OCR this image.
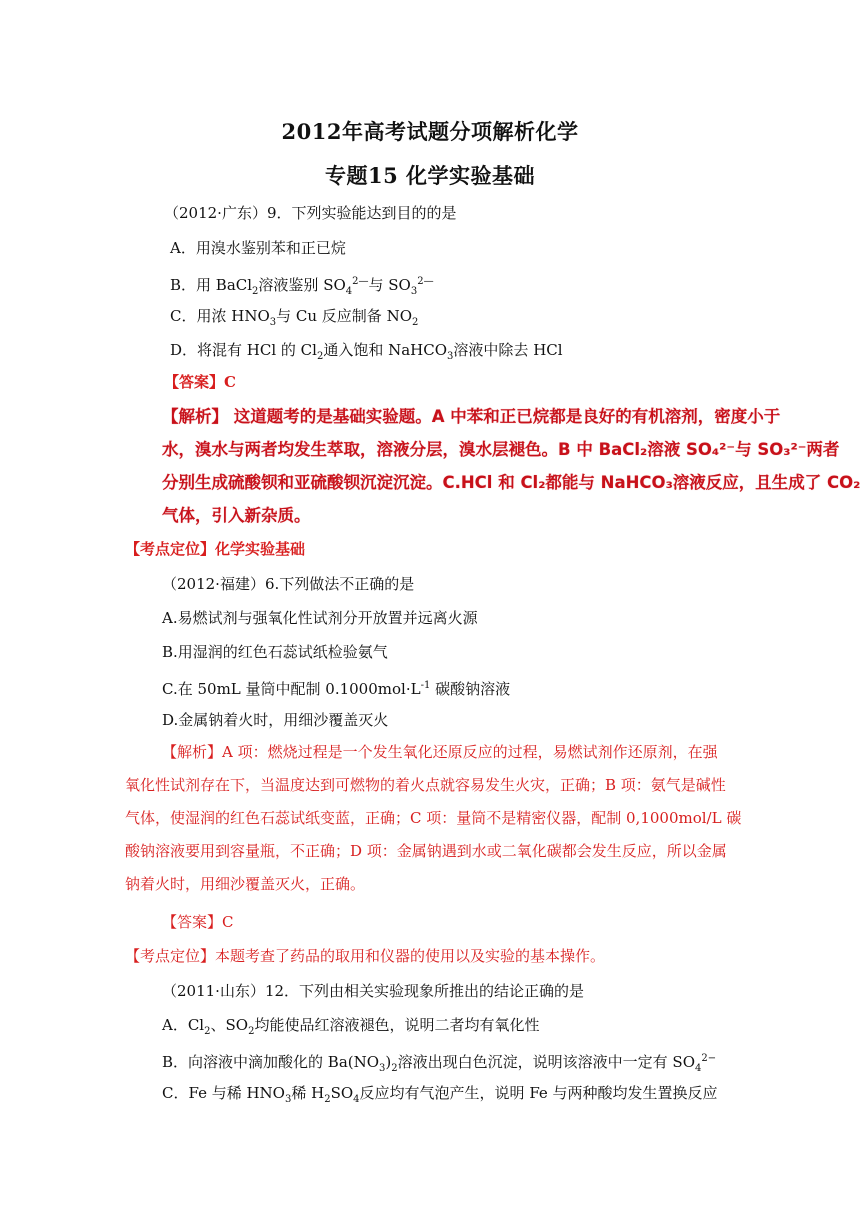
2012年高考试题分项解析化学
专题15 化学实验基础
（2012·广东）9．下列实验能达到目的的是
A．用溴水鉴别苯和正已烷
B．用 BaCl$_2$溶液鉴别 $SO_4^{2—}$与 $SO_3^{2—}$
C．用浓 $HNO_3$与 Cu 反应制备 $NO_2$
D．将混有 HCl 的 $Cl_2$通入饱和 NaHCO$_3$溶液中除去 HCl
【答案】C
【解析】 这道题考的是基础实验题。A 中苯和正已烷都是良好的有机溶剂，密度小于
水，溴水与两者均发生萃取，溶液分层，溴水层褪色。B 中 BaCl₂溶液 SO₄²⁻与 SO₃²⁻两者
分别生成硫酸钡和亚硫酸钡沉淀沉淀。C.HCl 和 Cl₂都能与 NaHCO₃溶液反应，且生成了 CO₂
气体，引入新杂质。
【考点定位】化学实验基础
（2012·福建）6.下列做法不正确的是
A.易燃试剂与强氧化性试剂分开放置并远离火源
B.用湿润的红色石蕊试纸检验氨气
C.在 50mL 量筒中配制 $0.1000mol\cdot L^{-1}$ 碳酸钠溶液
D.金属钠着火时，用细沙覆盖灭火
【解析】A 项：燃烧过程是一个发生氧化还原反应的过程，易燃试剂作还原剂，在强
氧化性试剂存在下，当温度达到可燃物的着火点就容易发生火灾，正确；B 项：氨气是碱性
气体，使湿润的红色石蕊试纸变蓝，正确；C 项：量筒不是精密仪器，配制 0,1000mol/L 碳
酸钠溶液要用到容量瓶，不正确；D 项：金属钠遇到水或二氧化碳都会发生反应，所以金属
钠着火时，用细沙覆盖灭火，正确。
【答案】C
【考点定位】本题考查了药品的取用和仪器的使用以及实验的基本操作。
（2011·山东）12．下列由相关实验现象所推出的结论正确的是
A．$Cl_2$、$SO_2$均能使品红溶液褪色，说明二者均有氧化性
B．向溶液中滴加酸化的 $Ba(NO_3)_2$溶液出现白色沉淀，说明该溶液中一定有 $SO_4^{2-}$
C．Fe 与稀 $HNO_3$稀 $H_2SO_4$反应均有气泡产生，说明 Fe 与两种酸均发生置换反应
